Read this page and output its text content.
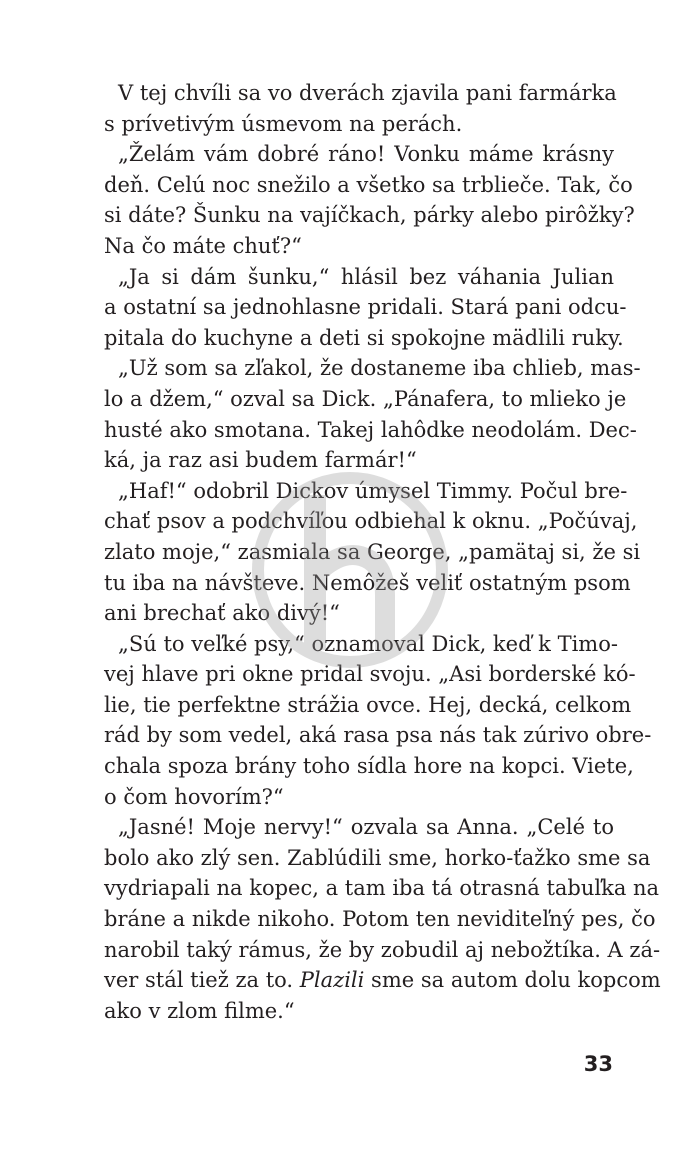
V tej chvíli sa vo dverách zjavila pani farmárka
s prívetivým úsmevom na perách.
„Želám vám dobré ráno! Vonku máme krásny
deň. Celú noc snežilo a všetko sa trblieče. Tak, čo
si dáte? Šunku na vajíčkach, párky alebo pirôžky?
Na čo máte chuť?“
„Ja si dám šunku,“ hlásil bez váhania Julian
a ostatní sa jednohlasne pridali. Stará pani odcu-
pitala do kuchyne a deti si spokojne mädlili ruky.
„Už som sa zľakol, že dostaneme iba chlieb, mas-
lo a džem,“ ozval sa Dick. „Pánafera, to mlieko je
husté ako smotana. Takej lahôdke neodolám. Dec-
ká, ja raz asi budem farmár!“
„Haf!“ odobril Dickov úmysel Timmy. Počul bre-
chať psov a podchvíľou odbiehal k oknu. „Počúvaj,
zlato moje,“ zasmiala sa George, „pamätaj si, že si
tu iba na návšteve. Nemôžeš veliť ostatným psom
ani brechať ako divý!“
„Sú to veľké psy,“ oznamoval Dick, keď k Timo-
vej hlave pri okne pridal svoju. „Asi borderské kó-
lie, tie perfektne strážia ovce. Hej, decká, celkom
rád by som vedel, aká rasa psa nás tak zúrivo obre-
chala spoza brány toho sídla hore na kopci. Viete,
o čom hovorím?“
„Jasné! Moje nervy!“ ozvala sa Anna. „Celé to
bolo ako zlý sen. Zablúdili sme, horko-ťažko sme sa
vydriapali na kopec, a tam iba tá otrasná tabuľka na
bráne a nikde nikoho. Potom ten neviditeľný pes, čo
narobil taký rámus, že by zobudil aj nebožtíka. A zá-
ver stál tiež za to. Plazili sme sa autom dolu kopcom
ako v zlom filme.“
33
